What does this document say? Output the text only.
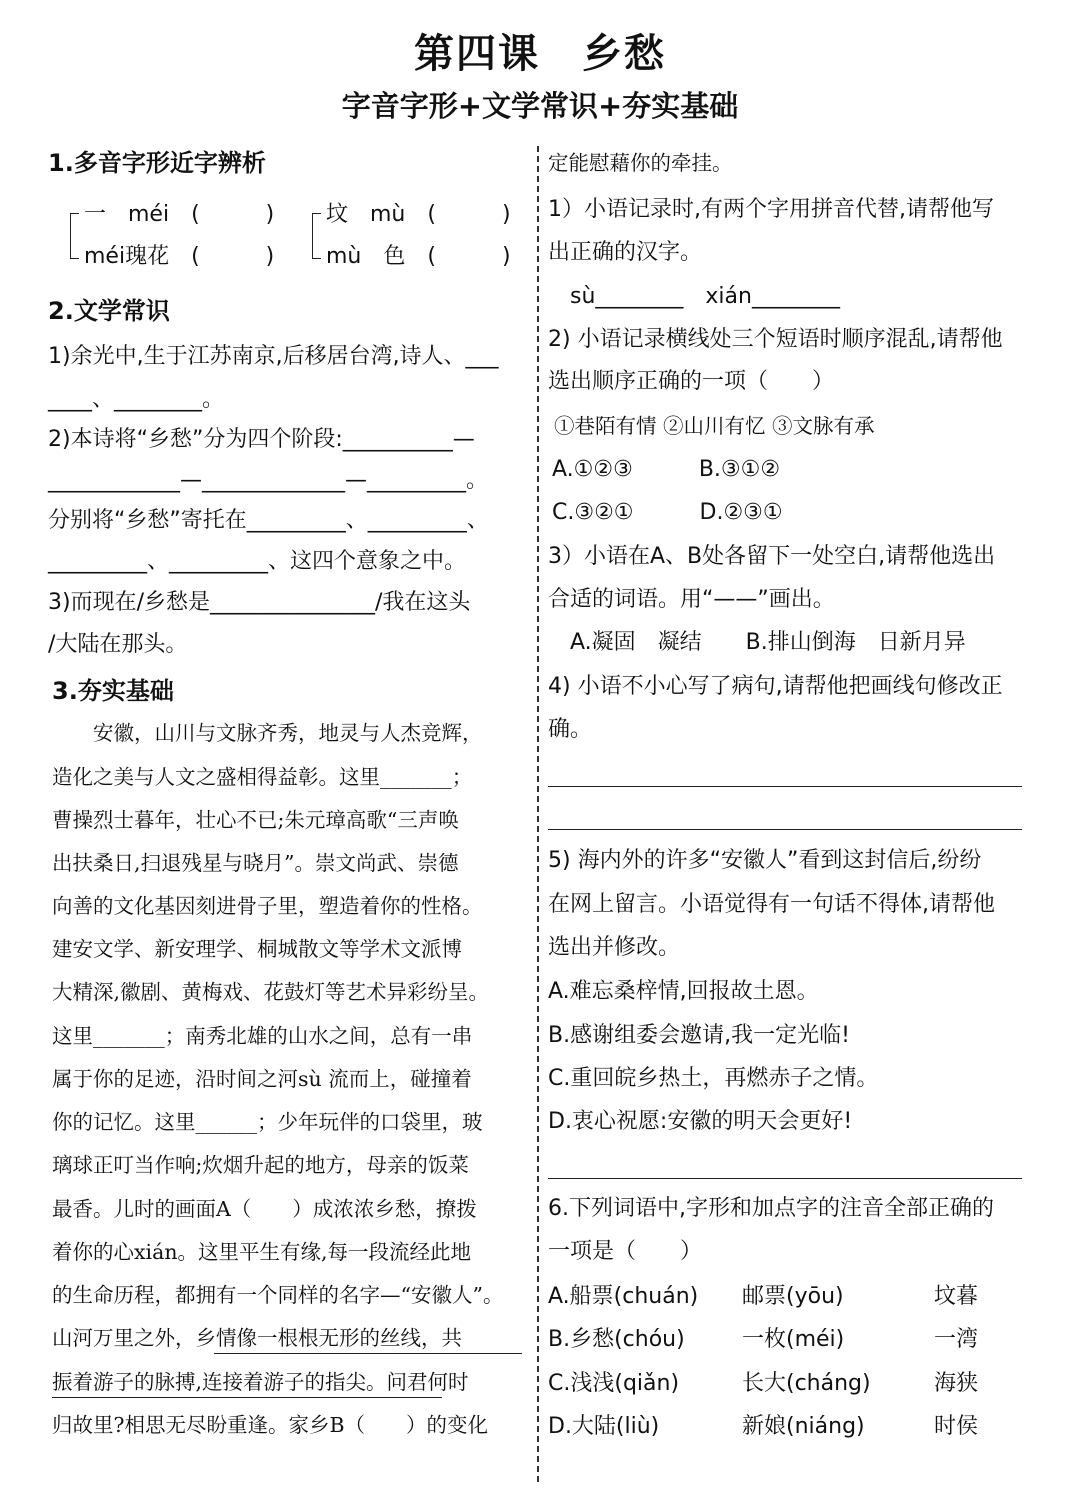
第四课　乡愁
字音字形+文学常识+夯实基础
1.多音字形近字辨析
一　méi　(　　　)
méi瑰花　(　　　)
坟　mù　(　　　)
mù　色　(　　　)
2.文学常识
1)余光中,生于江苏南京,后移居台湾,诗人、___
____、________。
2)本诗将“乡愁”分为四个阶段:__________—
____________—_____________—_________。
分别将“乡愁”寄托在_________、_________、
_________、_________、这四个意象之中。
3)而现在/乡愁是_______________/我在这头
/大陆在那头。
3.夯实基础
　　安徽，山川与文脉齐秀，地灵与人杰竞辉，
造化之美与人文之盛相得益彰。这里_______；
曹操烈士暮年，壮心不已;朱元璋高歌“三声唤
出扶桑日,扫退残星与晓月”。崇文尚武、崇德
向善的文化基因刻进骨子里，塑造着你的性格。
建安文学、新安理学、桐城散文等学术文派博
大精深,徽剧、黄梅戏、花鼓灯等艺术异彩纷呈。
这里_______；南秀北雄的山水之间，总有一串
属于你的足迹，沿时间之河sù 流而上，碰撞着
你的记忆。这里______；少年玩伴的口袋里，玻
璃球正叮当作响;炊烟升起的地方，母亲的饭菜
最香。儿时的画面A（　　）成浓浓乡愁，撩拨
着你的心xián。这里平生有缘,每一段流经此地
的生命历程，都拥有一个同样的名字—“安徽人”。
山河万里之外，乡情像一根根无形的丝线，共
振着游子的脉搏,连接着游子的指尖。问君何时
归故里?相思无尽盼重逢。家乡B（　　）的变化
定能慰藉你的牵挂。
1）小语记录时,有两个字用拼音代替,请帮他写
出正确的汉字。
　sù________　xián________
2) 小语记录横线处三个短语时顺序混乱,请帮他
选出顺序正确的一项（　　）
①巷陌有情 ②山川有忆 ③文脉有承
A.①②③　　　B.③①②
C.③②①　　　D.②③①
3）小语在A、B处各留下一处空白,请帮他选出
合适的词语。用“——”画出。
　A.凝固　凝结　　B.排山倒海　日新月异
4) 小语不小心写了病句,请帮他把画线句修改正
确。
5) 海内外的许多“安徽人”看到这封信后,纷纷
在网上留言。小语觉得有一句话不得体,请帮他
选出并修改。
A.难忘桑梓情,回报故土恩。
B.感谢组委会邀请,我一定光临!
C.重回皖乡热土，再燃赤子之情。
D.衷心祝愿:安徽的明天会更好!
6.下列词语中,字形和加点字的注音全部正确的
一项是（　　）
A.船票(chuán) 邮票(yōu)	坟暮
B.乡愁(chóu)	一枚(méi)	一湾
C.浅浅(qiǎn)	长大(cháng)	海狭
D.大陆(liù)	新娘(niáng)	时侯
